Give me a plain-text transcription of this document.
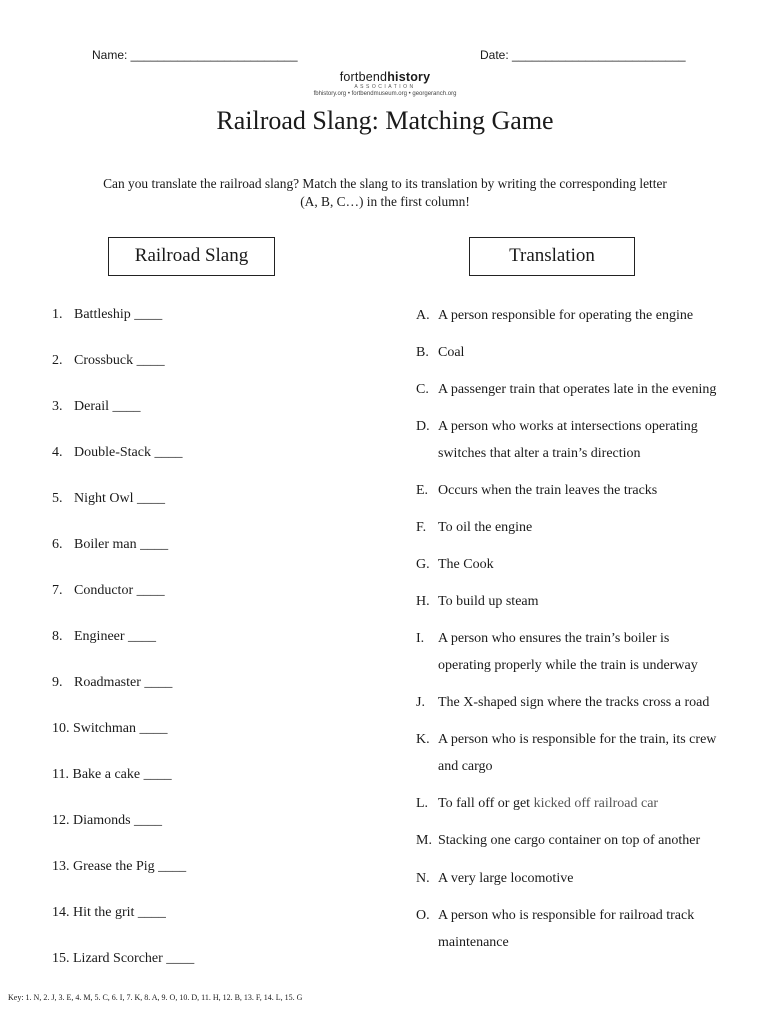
Name: _________________________	Date: __________________________
fortbendhistory
ASSOCIATION
fbhistory.org • fortbendmuseum.org • georgeranch.org
Railroad Slang: Matching Game
Can you translate the railroad slang? Match the slang to its translation by writing the corresponding letter
(A, B, C…) in the first column!
Railroad Slang	Translation
1. Battleship ____
2. Crossbuck ____
3. Derail ____
4. Double-Stack ____
5. Night Owl ____
6. Boiler man ____
7. Conductor ____
8. Engineer ____
9. Roadmaster ____
10. Switchman ____
11. Bake a cake ____
12. Diamonds ____
13. Grease the Pig ____
14. Hit the grit ____
15. Lizard Scorcher ____
A. A person responsible for operating the engine
B. Coal
C. A passenger train that operates late in the evening
D. A person who works at intersections operating
switches that alter a train’s direction
E. Occurs when the train leaves the tracks
F. To oil the engine
G. The Cook
H. To build up steam
I. A person who ensures the train’s boiler is
operating properly while the train is underway
J. The X-shaped sign where the tracks cross a road
K. A person who is responsible for the train, its crew
and cargo
L. To fall off or get kicked off railroad car
M. Stacking one cargo container on top of another
N. A very large locomotive
O. A person who is responsible for railroad track
maintenance
Key: 1. N, 2. J, 3. E, 4. M, 5. C, 6. I, 7. K, 8. A, 9. O, 10. D, 11. H, 12. B, 13. F, 14. L, 15. G
